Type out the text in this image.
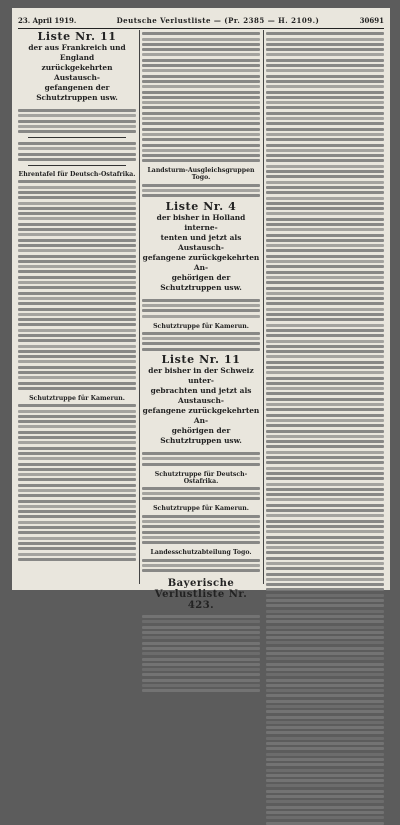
23. April 1919.	Deutsche Verlustliste — (Pr. 2385 — H. 2109.)	30691
Liste Nr. 11
der aus Frankreich und England
zurückgekehrten Austausch-
gefangenen der Schutztruppen usw.
Ehrentafel für Deutsch-Ostafrika.
Schutztruppe für Kamerun.
Landsturm-Ausgleichsgruppen Togo.
Liste Nr. 4
der bisher in Holland interne-
tenten und jetzt als Austausch-
gefangene zurückgekehrten An-
gehörigen der Schutztruppen usw.
Schutztruppe für Kamerun.
Liste Nr. 11
der bisher in der Schweiz unter-
gebrachten und jetzt als Austausch-
gefangene zurückgekehrten An-
gehörigen der Schutztruppen usw.
Schutztruppe für Deutsch-Ostafrika.
Schutztruppe für Kamerun.
Landesschutzabteilung Togo.
Bayerische Verlustliste Nr. 423.
